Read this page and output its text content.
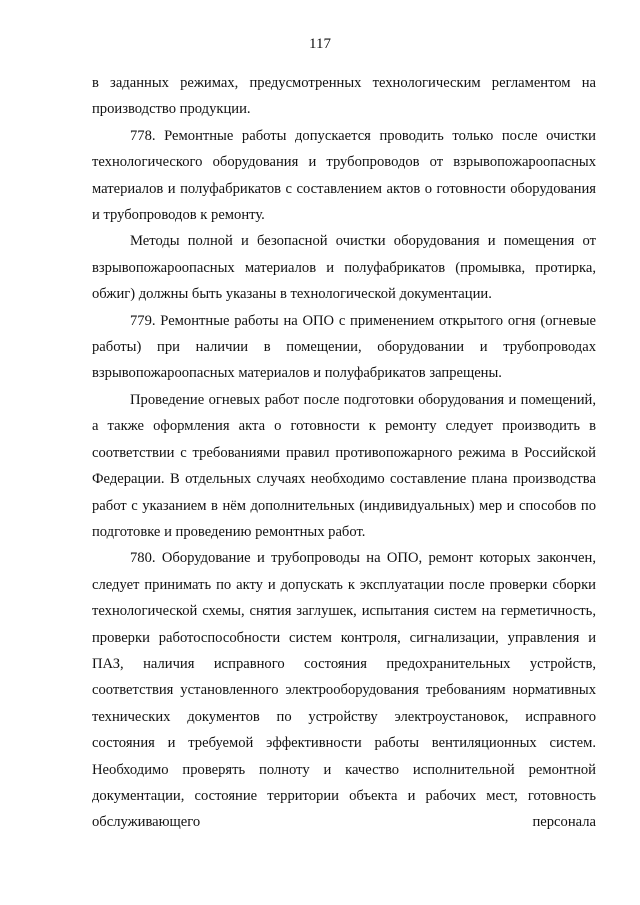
117

в заданных режимах, предусмотренных технологическим регламентом на производство продукции.

778. Ремонтные работы допускается проводить только после очистки технологического оборудования и трубопроводов от взрывопожароопасных материалов и полуфабрикатов с составлением актов о готовности оборудования и трубопроводов к ремонту.

Методы полной и безопасной очистки оборудования и помещения от взрывопожароопасных материалов и полуфабрикатов (промывка, протирка, обжиг) должны быть указаны в технологической документации.

779. Ремонтные работы на ОПО с применением открытого огня (огневые работы) при наличии в помещении, оборудовании и трубопроводах взрывопожароопасных материалов и полуфабрикатов запрещены.

Проведение огневых работ после подготовки оборудования и помещений, а также оформления акта о готовности к ремонту следует производить в соответствии с требованиями правил противопожарного режима в Российской Федерации. В отдельных случаях необходимо составление плана производства работ с указанием в нём дополнительных (индивидуальных) мер и способов по подготовке и проведению ремонтных работ.

780. Оборудование и трубопроводы на ОПО, ремонт которых закончен, следует принимать по акту и допускать к эксплуатации после проверки сборки технологической схемы, снятия заглушек, испытания систем на герметичность, проверки работоспособности систем контроля, сигнализации, управления и ПАЗ, наличия исправного состояния предохранительных устройств, соответствия установленного электрооборудования требованиям нормативных технических документов по устройству электроустановок, исправного состояния и требуемой эффективности работы вентиляционных систем. Необходимо проверять полноту и качество исполнительной ремонтной документации, состояние территории объекта и рабочих мест, готовность обслуживающего персонала
